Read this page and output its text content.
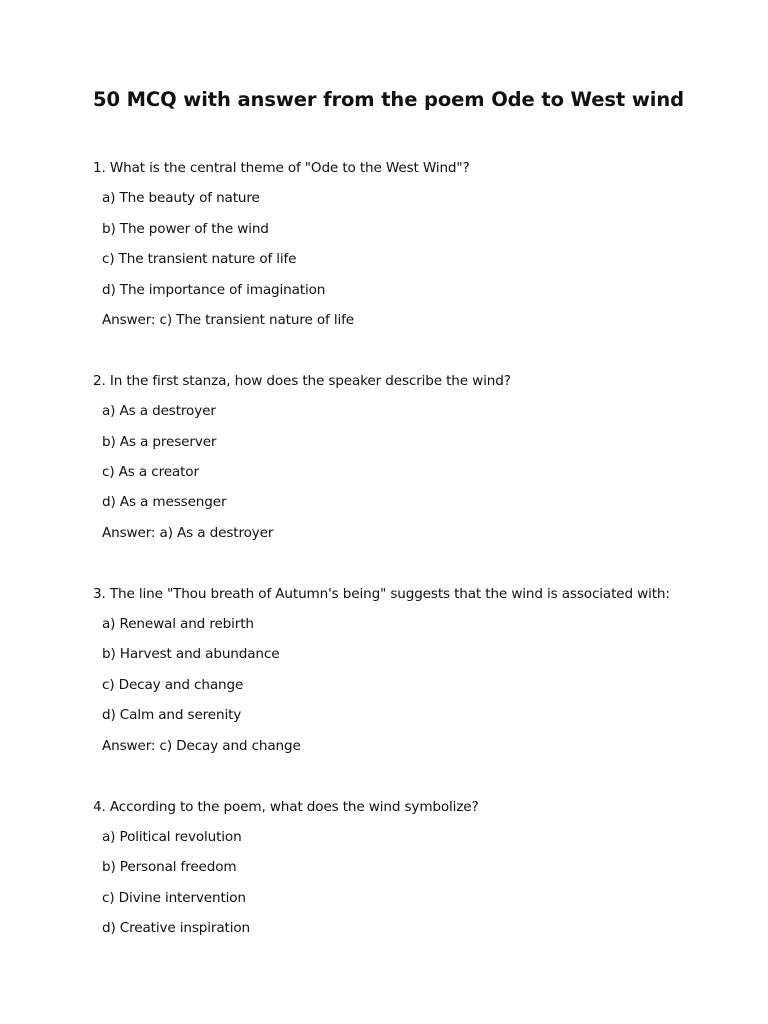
50 MCQ with answer from the poem Ode to West wind
1. What is the central theme of "Ode to the West Wind"?
a) The beauty of nature
b) The power of the wind
c) The transient nature of life
d) The importance of imagination
Answer: c) The transient nature of life
2. In the first stanza, how does the speaker describe the wind?
a) As a destroyer
b) As a preserver
c) As a creator
d) As a messenger
Answer: a) As a destroyer
3. The line "Thou breath of Autumn's being" suggests that the wind is associated with:
a) Renewal and rebirth
b) Harvest and abundance
c) Decay and change
d) Calm and serenity
Answer: c) Decay and change
4. According to the poem, what does the wind symbolize?
a) Political revolution
b) Personal freedom
c) Divine intervention
d) Creative inspiration
